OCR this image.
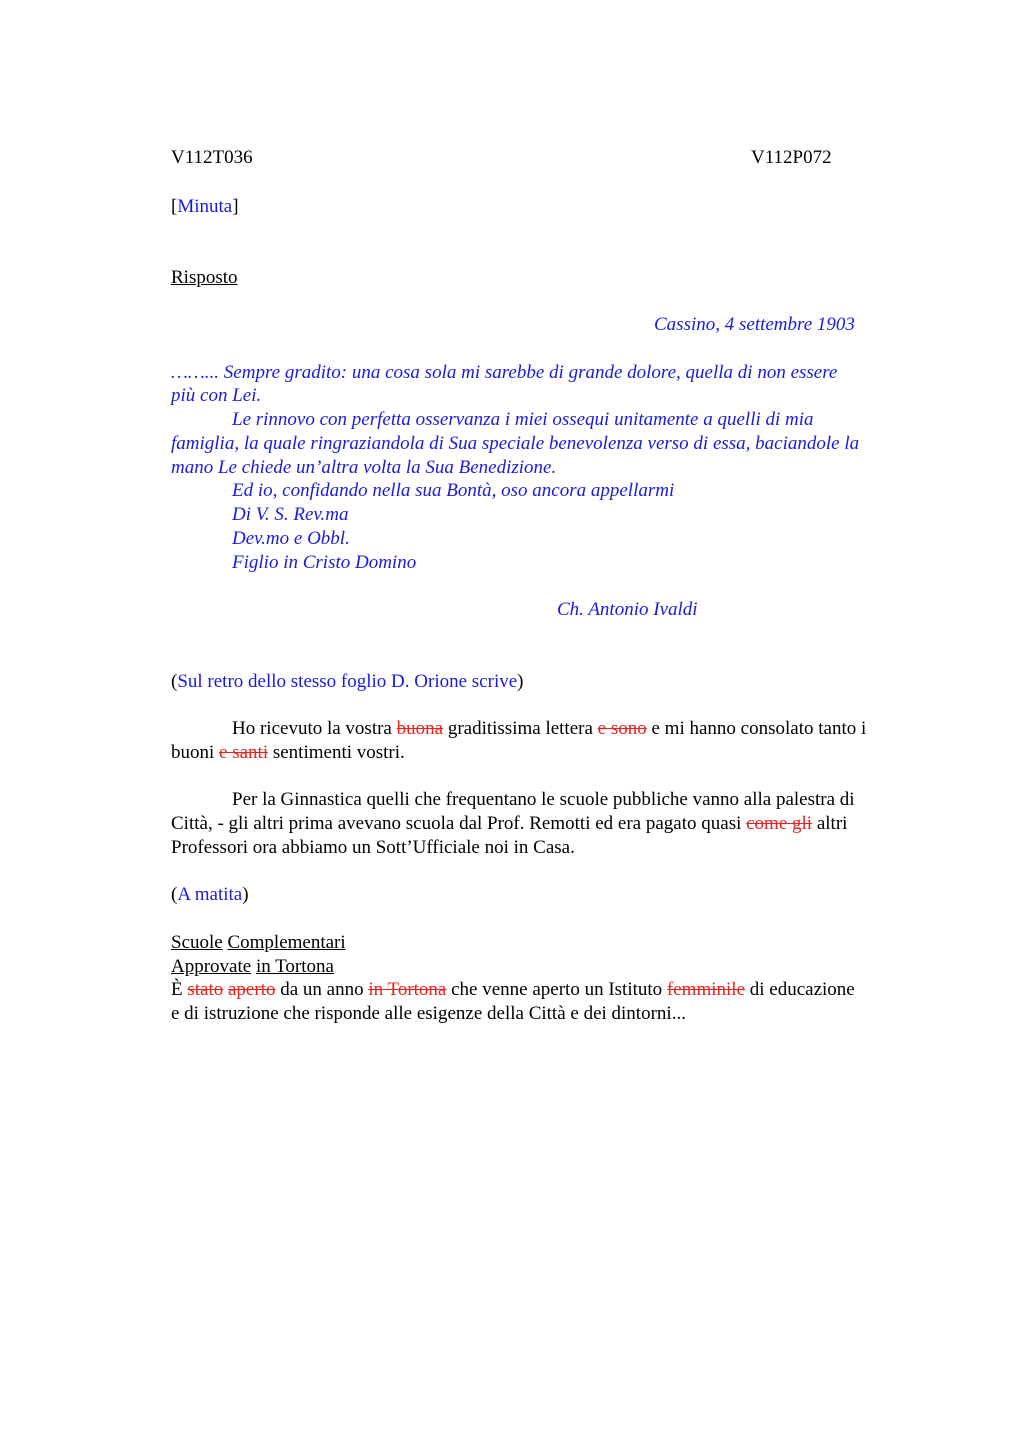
V112T036	V112P072
[Minuta]
Risposto
Cassino, 4 settembre 1903
……... Sempre gradito: una cosa sola mi sarebbe di grande dolore, quella di non essere
più con Lei.
Le rinnovo con perfetta osservanza i miei ossequi unitamente a quelli di mia
famiglia, la quale ringraziandola di Sua speciale benevolenza verso di essa, baciandole la
mano Le chiede un’altra volta la Sua Benedizione.
Ed io, confidando nella sua Bontà, oso ancora appellarmi
Di V. S. Rev.ma
Dev.mo e Obbl.
Figlio in Cristo Domino
Ch. Antonio Ivaldi
(Sul retro dello stesso foglio D. Orione scrive)
Ho ricevuto la vostra buona graditissima lettera e sono e mi hanno consolato tanto i
buoni e santi sentimenti vostri.
Per la Ginnastica quelli che frequentano le scuole pubbliche vanno alla palestra di
Città, - gli altri prima avevano scuola dal Prof. Remotti ed era pagato quasi come gli altri
Professori ora abbiamo un Sott’Ufficiale noi in Casa.
(A matita)
Scuole Complementari
Approvate in Tortona
È stato aperto da un anno in Tortona che venne aperto un Istituto femminile di educazione
e di istruzione che risponde alle esigenze della Città e dei dintorni...
